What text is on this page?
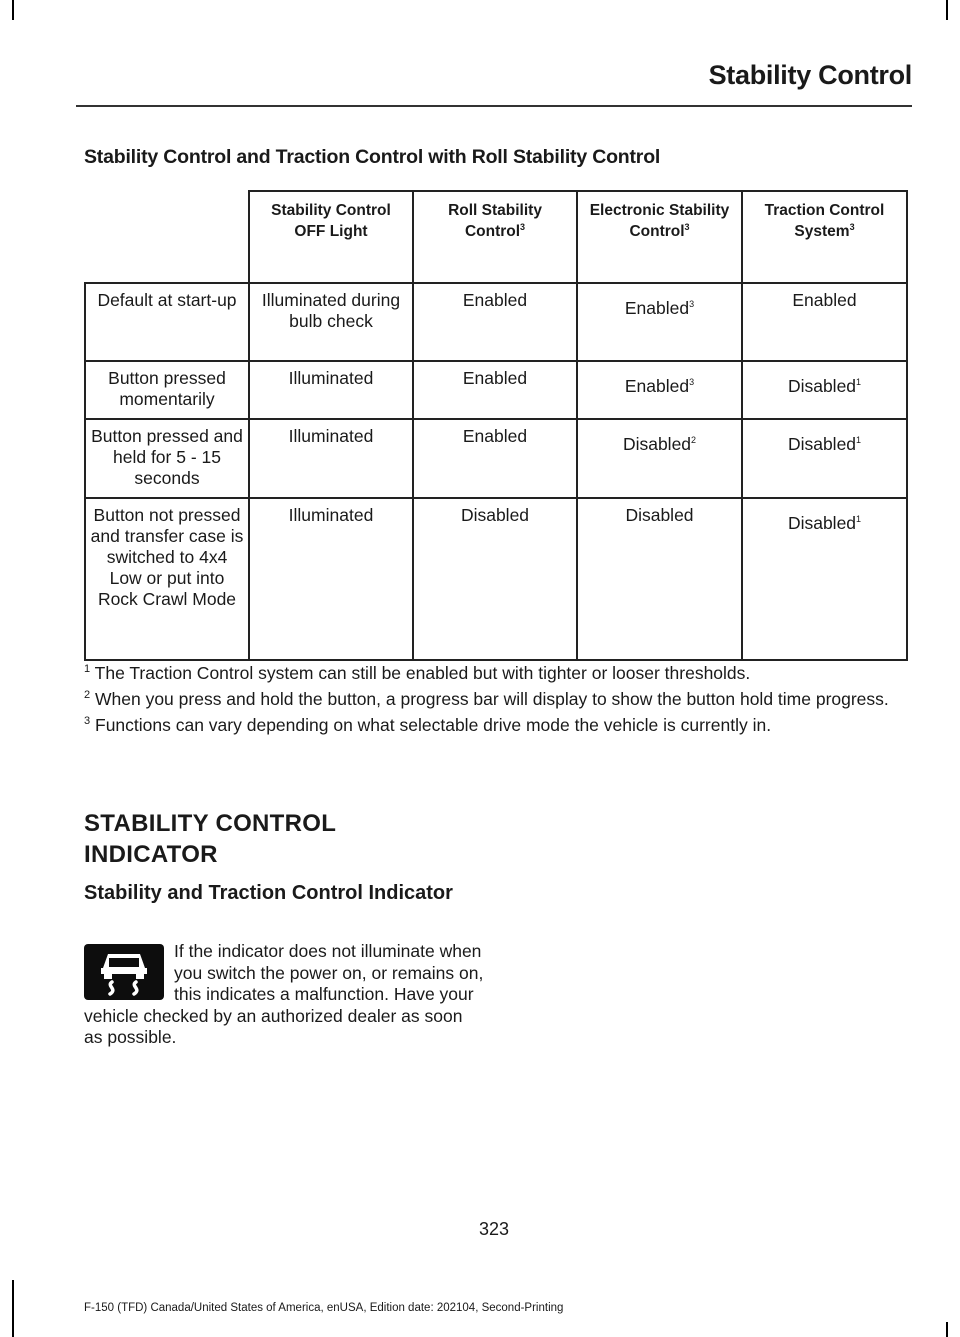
Stability Control
Stability Control and Traction Control with Roll Stability Control
	Stability Control OFF Light	Roll Stability Control$^3$	Electronic Stability Control$^3$	Traction Control System$^3$
Default at start-up	Illuminated during bulb check	Enabled	Enabled$^3$	Enabled
Button pressed momentarily	Illuminated	Enabled	Enabled$^3$	Disabled$^1$
Button pressed and held for 5 - 15 seconds	Illuminated	Enabled	Disabled$^2$	Disabled$^1$
Button not pressed and transfer case is switched to 4x4 Low or put into Rock Crawl Mode	Illuminated	Disabled	Disabled	Disabled$^1$

$^1$ The Traction Control system can still be enabled but with tighter or looser thresholds.

$^2$ When you press and hold the button, a progress bar will display to show the button hold time progress.

$^3$ Functions can vary depending on what selectable drive mode the vehicle is currently in.

STABILITY CONTROL
INDICATOR
Stability and Traction Control Indicator
If the indicator does not illuminate when you switch the power on, or remains on, this indicates a malfunction. Have your vehicle checked by an authorized dealer as soon as possible.
323
F-150 (TFD) Canada/United States of America, enUSA, Edition date: 202104, Second-Printing
